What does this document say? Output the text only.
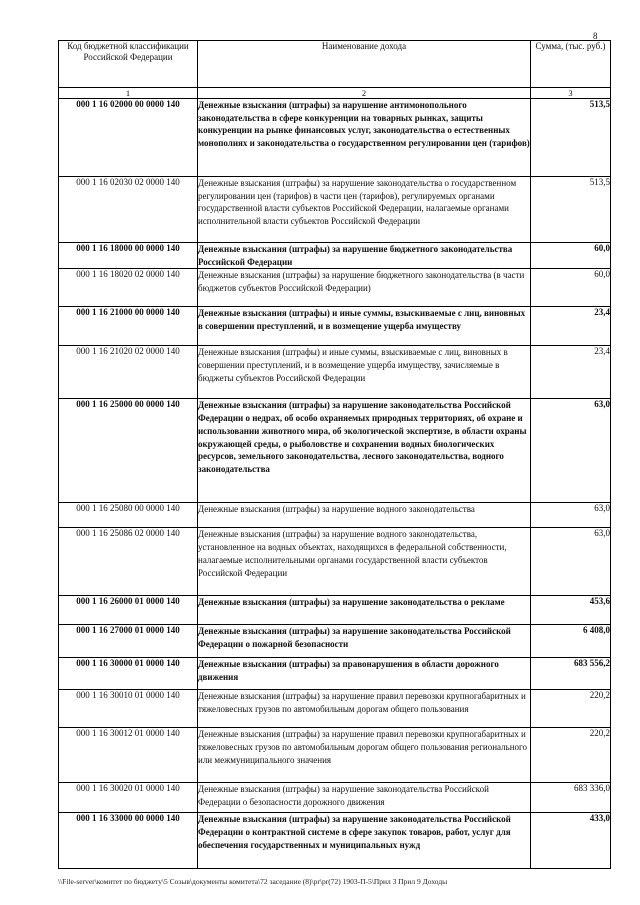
8
Код бюджетной классификации Российской Федерации	Наименование дохода	Сумма, (тыс. руб.)
1	2	3
000 1 16 02000 00 0000 140	Денежные взыскания (штрафы) за нарушение антимонопольного законодательства в сфере конкуренции на товарных рынках, защиты конкуренции на рынке финансовых услуг, законодательства о естественных монополиях и законодательства о государственном регулировании цен (тарифов)	513,5
000 1 16 02030 02 0000 140	Денежные взыскания (штрафы) за нарушение законодательства о государственном регулировании цен (тарифов) в части цен (тарифов), регулируемых органами государственной власти субъектов Российской Федерации, налагаемые органами исполнительной власти субъектов Российской Федерации	513,5
000 1 16 18000 00 0000 140	Денежные взыскания (штрафы) за нарушение бюджетного законодательства Российской Федерации	60,0
000 1 16 18020 02 0000 140	Денежные взыскания (штрафы) за нарушение бюджетного законодательства (в части бюджетов субъектов Российской Федерации)	60,0
000 1 16 21000 00 0000 140	Денежные взыскания (штрафы) и иные суммы, взыскиваемые с лиц, виновных в совершении преступлений, и в возмещение ущерба имуществу	23,4
000 1 16 21020 02 0000 140	Денежные взыскания (штрафы) и иные суммы, взыскиваемые с лиц, виновных в совершении преступлений, и в возмещение ущерба имуществу, зачисляемые в бюджеты субъектов Российской Федерации	23,4
000 1 16 25000 00 0000 140	Денежные взыскания (штрафы) за нарушение законодательства Российской Федерации о недрах, об особо охраняемых природных территориях, об охране и использовании животного мира, об экологической экспертизе, в области охраны окружающей среды, о рыболовстве и сохранении водных биологических ресурсов, земельного законодательства, лесного законодательства, водного законодательства	63,0
000 1 16 25080 00 0000 140	Денежные взыскания (штрафы) за нарушение водного законодательства	63,0
000 1 16 25086 02 0000 140	Денежные взыскания (штрафы) за нарушение водного законодательства, установленное на водных объектах, находящихся в федеральной собственности, налагаемые исполнительными органами государственной власти субъектов Российской Федерации	63,0
000 1 16 26000 01 0000 140	Денежные взыскания (штрафы) за нарушение законодательства о рекламе	453,6
000 1 16 27000 01 0000 140	Денежные взыскания (штрафы) за нарушение законодательства Российской Федерации о пожарной безопасности	6 408,0
000 1 16 30000 01 0000 140	Денежные взыскания (штрафы) за правонарушения в области дорожного движения	683 556,2
000 1 16 30010 01 0000 140	Денежные взыскания (штрафы) за нарушение правил перевозки крупногабаритных и тяжеловесных грузов по автомобильным дорогам общего пользования	220,2
000 1 16 30012 01 0000 140	Денежные взыскания (штрафы) за нарушение правил перевозки крупногабаритных и тяжеловесных грузов по автомобильным дорогам общего пользования регионального или межмуниципального значения	220,2
000 1 16 30020 01 0000 140	Денежные взыскания (штрафы) за нарушение законодательства Российской Федерации о безопасности дорожного движения	683 336,0
000 1 16 33000 00 0000 140	Денежные взыскания (штрафы) за нарушение законодательства Российской Федерации о контрактной системе в сфере закупок товаров, работ, услуг для обеспечения государственных и муниципальных нужд	433,0
\\File-server\комитет по бюджету\5 Созыв\документы комитета\72 заседание (8)\pr\pr(72) 1903-П-5\Прил 3 Прил 9 Доходы
